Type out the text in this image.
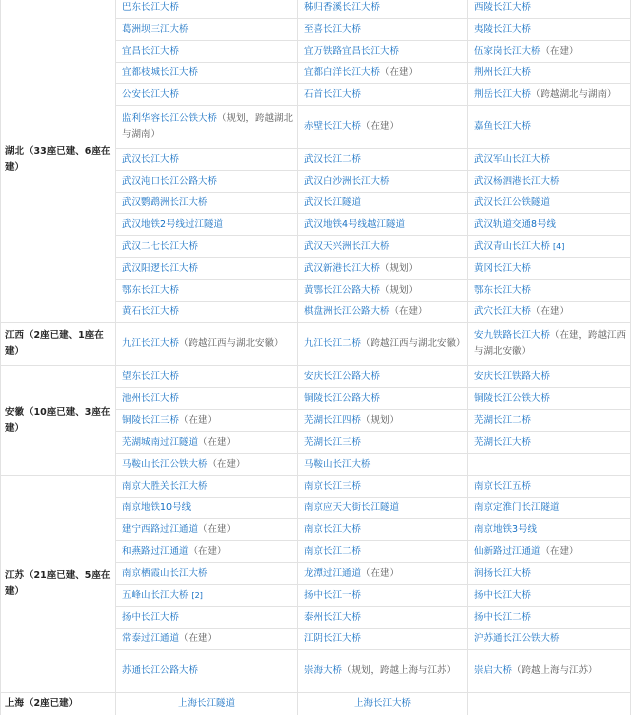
湖北（33座已建、6座在建）	巴东长江大桥	秭归香溪长江大桥	西陵长江大桥
	葛洲坝三江大桥	至喜长江大桥	夷陵长江大桥
	宜昌长江大桥	宜万铁路宜昌长江大桥	伍家岗长江大桥（在建）
	宜都枝城长江大桥	宜都白洋长江大桥（在建）	荆州长江大桥
	公安长江大桥	石首长江大桥	荆岳长江大桥（跨越湖北与湖南）
	监利华容长江公铁大桥（规划，跨越湖北与湖南）	赤壁长江大桥（在建）	嘉鱼长江大桥
	武汉长江大桥	武汉长江二桥	武汉军山长江大桥
	武汉沌口长江公路大桥	武汉白沙洲长江大桥	武汉杨泗港长江大桥
	武汉鹦鹉洲长江大桥	武汉长江隧道	武汉长江公铁隧道
	武汉地铁2号线过江隧道	武汉地铁4号线越江隧道	武汉轨道交通8号线
	武汉二七长江大桥	武汉天兴洲长江大桥	武汉青山长江大桥 [4]
	武汉阳逻长江大桥	武汉新港长江大桥（规划）	黄冈长江大桥
	鄂东长江大桥	黄鄂长江公路大桥（规划）	鄂东长江大桥
	黄石长江大桥	棋盘洲长江公路大桥（在建）	武穴长江大桥（在建）
江西（2座已建、1座在建）	九江长江大桥（跨越江西与湖北安徽）	九江长江二桥（跨越江西与湖北安徽）	安九铁路长江大桥（在建，跨越江西与湖北安徽）
安徽（10座已建、3座在建）	望东长江大桥	安庆长江公路大桥	安庆长江铁路大桥
	池州长江大桥	铜陵长江公路大桥	铜陵长江公铁大桥
	铜陵长江三桥（在建）	芜湖长江四桥（规划）	芜湖长江二桥
	芜湖城南过江隧道（在建）	芜湖长江三桥	芜湖长江大桥
	马鞍山长江公铁大桥（在建）	马鞍山长江大桥	
江苏（21座已建、5座在建）	南京大胜关长江大桥	南京长江三桥	南京长江五桥
	南京地铁10号线	南京应天大街长江隧道	南京定淮门长江隧道
	建宁西路过江通道（在建）	南京长江大桥	南京地铁3号线
	和燕路过江通道（在建）	南京长江二桥	仙新路过江通道（在建）
	南京栖霞山长江大桥	龙潭过江通道（在建）	润扬长江大桥
	五峰山长江大桥 [2]	扬中长江一桥	扬中长江大桥
	扬中长江大桥	泰州长江大桥	扬中长江二桥
	常泰过江通道（在建）	江阴长江大桥	沪苏通长江公铁大桥
	苏通长江公路大桥	崇海大桥（规划，跨越上海与江苏）	崇启大桥（跨越上海与江苏）
上海（2座已建）	上海长江隧道	上海长江大桥	
